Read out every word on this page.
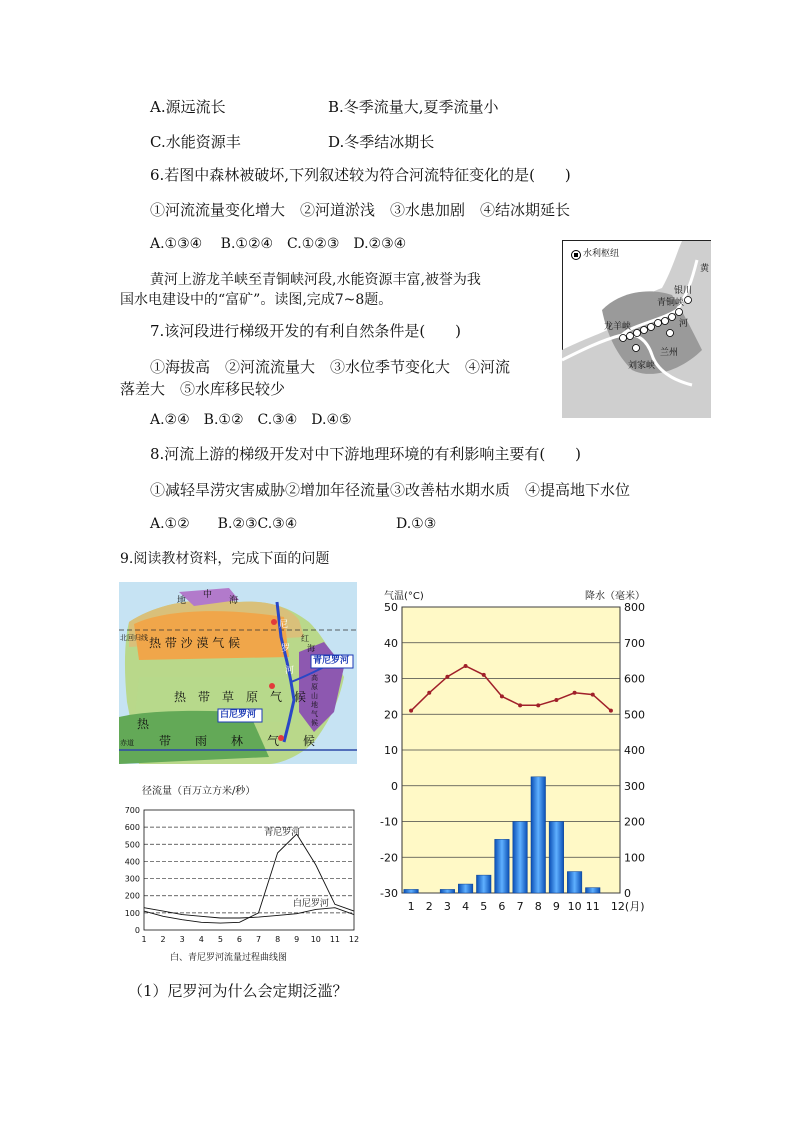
A.源远流长	B.冬季流量大,夏季流量小
C.水能资源丰	D.冬季结冰期长
6.若图中森林被破坏,下列叙述较为符合河流特征变化的是(　　)
①河流流量变化增大　②河道淤浅　③水患加剧　④结冰期延长
A.①③④　 B.①②④　C.①②③　D.②③④
黄河上游龙羊峡至青铜峡河段,水能资源丰富,被誉为我
国水电建设中的“富矿”。读图,完成7~8题。
7.该河段进行梯级开发的有利自然条件是(　　)
①海拔高　②河流流量大　③水位季节变化大　④河流
落差大　⑤水库移民较少
A.②④　B.①②　C.③④　D.④⑤
8.河流上游的梯级开发对中下游地理环境的有利影响主要有(　　)
①减轻旱涝灾害威胁②增加年径流量③改善枯水期水质　④提高地下水位
A.①②　　B.②③C.③④	D.①③
9.阅读教材资料，完成下面的问题
（1）尼罗河为什么会定期泛滥？
水利枢纽
黄
银川
青铜峡
河
龙羊峡
兰州
刘家峡
地
中
海
北回归线 热 带 沙 漠 气 候
热　带　草　原　气　候
热
带　　雨　　林　　气　　候
赤道
青尼罗河
白尼罗河
尼
罗
河
红
海
高原山地气候
径流量（百万立方米/秒）
700
600
500
400
300
200
100
0
1 2 3 4 5 6 7 8 9 10 11 12
青尼罗河
白尼罗河
白、青尼罗河流量过程曲线图
50
40
30
20
10
0
-10
-20
-30
800
700
600
500
400
300
200
100
0
气温(°C)	降水（毫米）
1 2 3 4 5 6 7 8 9 10 11 12(月)
